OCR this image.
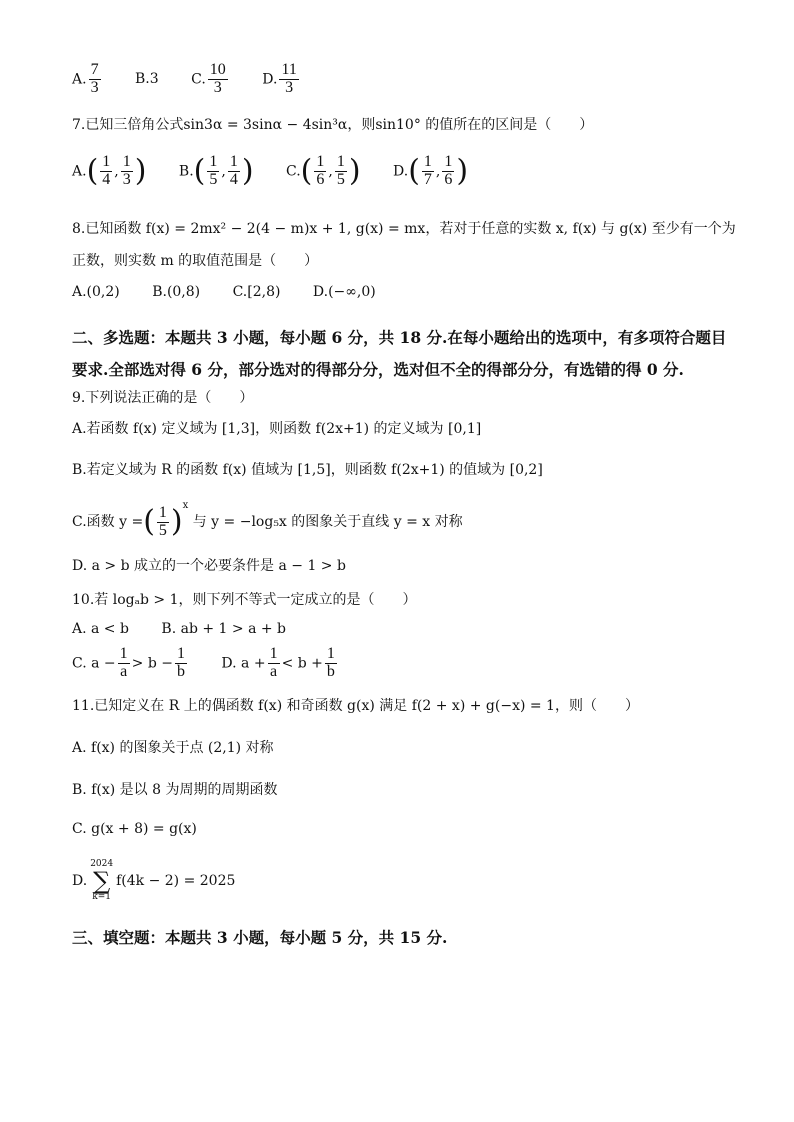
A. $\frac{7}{3} B.3$ C. $\frac{10}{3} D$. $\frac{11}{3}$
7.已知三倍角公式sin3α = 3sinα − 4sin³α，则sin10° 的值所在的区间是（　　）
$A.( \frac{1}{4}$ , $\frac{1}{3}$ ) $B.( \frac{1}{5}$ , $\frac{1}{4}$ ) $C.( \frac{1}{6}$ , $\frac{1}{5}$ ) $D.( \frac{1}{7}$ , $\frac{1}{6}$ )
8.已知函数 f(x) = 2mx² − 2(4 − m)x + 1, g(x) = mx，若对于任意的实数 x, f(x) 与 g(x) 至少有一个为
正数，则实数 m 的取值范围是（　　）
A.(0,2) B.(0,8) C.[2,8) D.(−∞,0)
二、多选题：本题共 3 小题，每小题 6 分，共 18 分.在每小题给出的选项中，有多项符合题目
要求.全部选对得 6 分，部分选对的得部分分，选对但不全的得部分分，有选错的得 0 分.
9.下列说法正确的是（　　）
A.若函数 f(x) 定义域为 [1,3]，则函数 f(2x+1) 的定义域为 [0,1]
B.若定义域为 R 的函数 f(x) 值域为 [1,5]，则函数 f(2x+1) 的值域为 [0,2]
C.函数 y =( $\frac{1}{5} )^x$ 与 y = −log₅x 的图象关于直线 y = x 对称
D. a > b 成立的一个必要条件是 a − 1 > b
10.若 logₐb > 1，则下列不等式一定成立的是（　　）
A. a < b B. ab + 1 > a + b
C. $a - \frac{1}{a} > b - \frac{1}{b} D$. $a + \frac{1}{a} < b + \frac{1}{b}$
11.已知定义在 R 上的偶函数 f(x) 和奇函数 g(x) 满足 f(2 + x) + g(−x) = 1，则（　　）
A. f(x) 的图象关于点 (2,1) 对称
B. f(x) 是以 8 为周期的周期函数
C. g(x + 8) = g(x)
D.
2024
∑
k=1
f(4k − 2) = 2025
三、填空题：本题共 3 小题，每小题 5 分，共 15 分.
